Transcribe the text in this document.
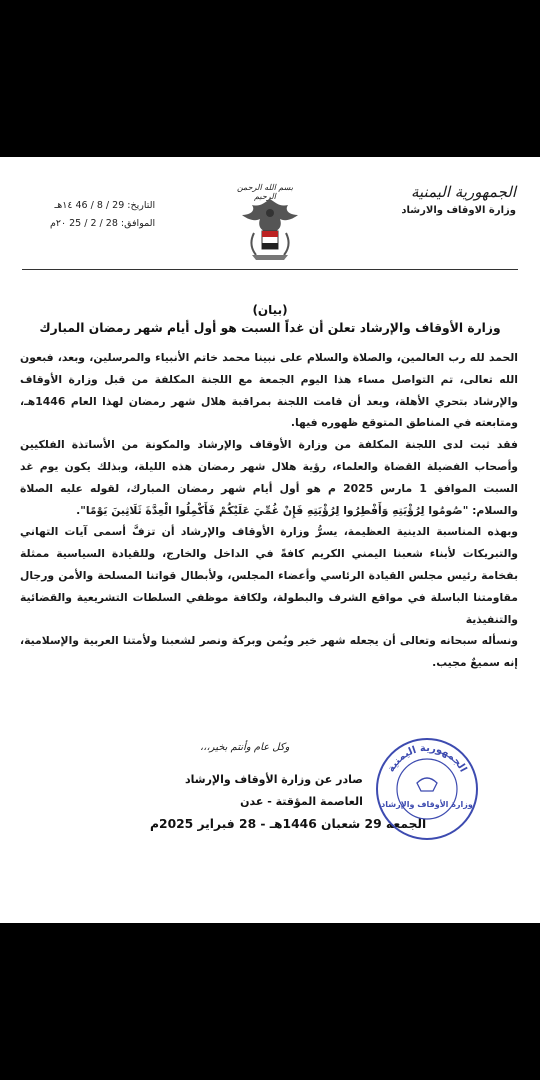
الجمهورية اليمنية
وزارة الاوقاف والارشاد
بسم الله الرحمن الرحيم
التاريخ: 29 / 8 / 46 ١٤هـ
الموافق: 28 / 2 / 25 ٢٠م
(بيان)
وزارة الأوقاف والإرشاد تعلن أن غداً السبت هو أول أيام شهر رمضان المبارك

الحمد لله رب العالمين، والصلاة والسلام على نبينا محمد خاتم الأنبياء والمرسلين، وبعد، فبعون الله تعالى، تم التواصل مساء هذا اليوم الجمعة مع اللجنة المكلفة من قبل وزارة الأوقاف والإرشاد بتحري الأهلة، وبعد أن قامت اللجنة بمراقبة هلال شهر رمضان لهذا العام 1446هـ، ومتابعته في المناطق المتوقع ظهوره فيها.

فقد ثبت لدى اللجنة المكلفة من وزارة الأوقاف والإرشاد والمكونة من الأساتذة الفلكيين وأصحاب الفضيلة القضاة والعلماء، رؤية هلال شهر رمضان هذه الليلة، وبذلك يكون يوم غد السبت الموافق 1 مارس 2025 م هو أول أيام شهر رمضان المبارك، لقوله عليه الصلاة والسلام: "صُومُوا لِرُؤْيَتِهِ وَأَفْطِرُوا لِرُؤْيَتِهِ فَإِنْ غُمِّيَ عَلَيْكُمْ فَأَكْمِلُوا الْعِدَّةَ ثَلَاثِينَ يَوْمًا".

وبهذه المناسبة الدينية العظيمة، يسرُّ وزارة الأوقاف والإرشاد أن تزفَّ أسمى آيات التهاني والتبريكات لأبناء شعبنا اليمني الكريم كافةً في الداخل والخارج، وللقيادة السياسية ممثلة بفخامة رئيس مجلس القيادة الرئاسي وأعضاء المجلس، ولأبطال قواتنا المسلحة والأمن ورجال مقاومتنا الباسلة في مواقع الشرف والبطولة، ولكافة موظفي السلطات التشريعية والقضائية والتنفيذية

ونسأله سبحانه وتعالى أن يجعله شهر خير ويُمن وبركة ونصر لشعبنا ولأمتنا العربية والإسلامية، إنه سميعٌ مجيب.

وكل عام وأنتم بخير،،،
صادر عن وزارة الأوقاف والإرشاد
العاصمة المؤقتة - عدن
الجمعة 29 شعبان 1446هـ - 28 فبراير 2025م
الجمهورية اليمنية
وزارة الأوقاف والإرشاد
